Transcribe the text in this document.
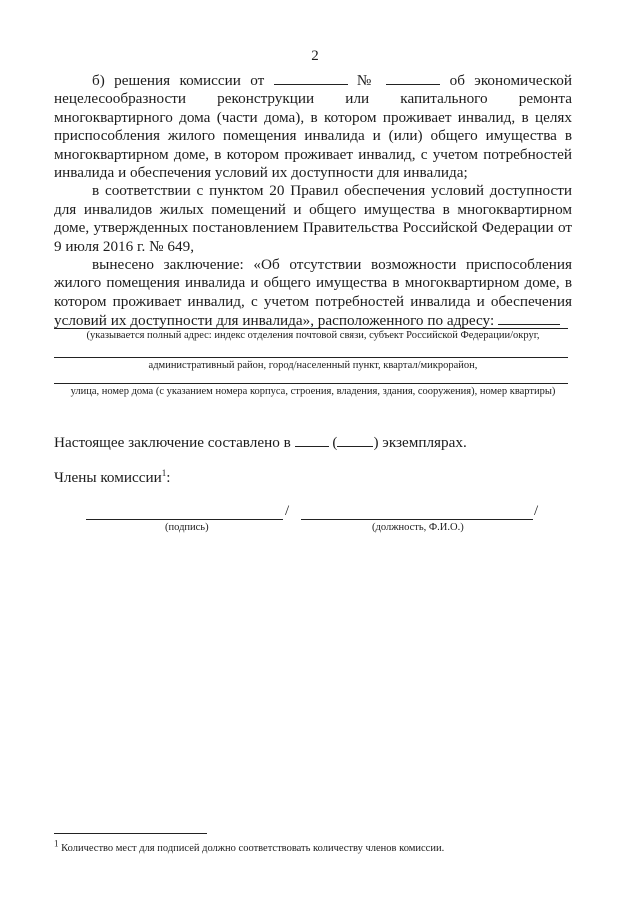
2

б) решения комиссии от	№	об экономической нецелесообразности реконструкции или капитального ремонта многоквартирного дома (части дома), в котором проживает инвалид, в целях приспособления жилого помещения инвалида и (или) общего имущества в многоквартирном доме, в котором проживает инвалид, с учетом потребностей инвалида и обеспечения условий их доступности для инвалида;

в соответствии с пунктом 20 Правил обеспечения условий доступности для инвалидов жилых помещений и общего имущества в многоквартирном доме, утвержденных постановлением Правительства Российской Федерации от 9 июля 2016 г. № 649,

вынесено заключение: «Об отсутствии возможности приспособления жилого помещения инвалида и общего имущества в многоквартирном доме, в котором проживает инвалид, с учетом потребностей инвалида и обеспечения условий их доступности для инвалида», расположенного по адресу:

(указывается полный адрес: индекс отделения почтовой связи, субъект Российской Федерации/округ,
административный район, город/населенный пункт, квартал/микрорайон,
улица, номер дома (с указанием номера корпуса, строения, владения, здания, сооружения), номер квартиры)
Настоящее заключение составлено в	( ) экземплярах.
Члены комиссии$^1$:
/	/
(подпись)	(должность, Ф.И.О.)
$^1$ Количество мест для подписей должно соответствовать количеству членов комиссии.
